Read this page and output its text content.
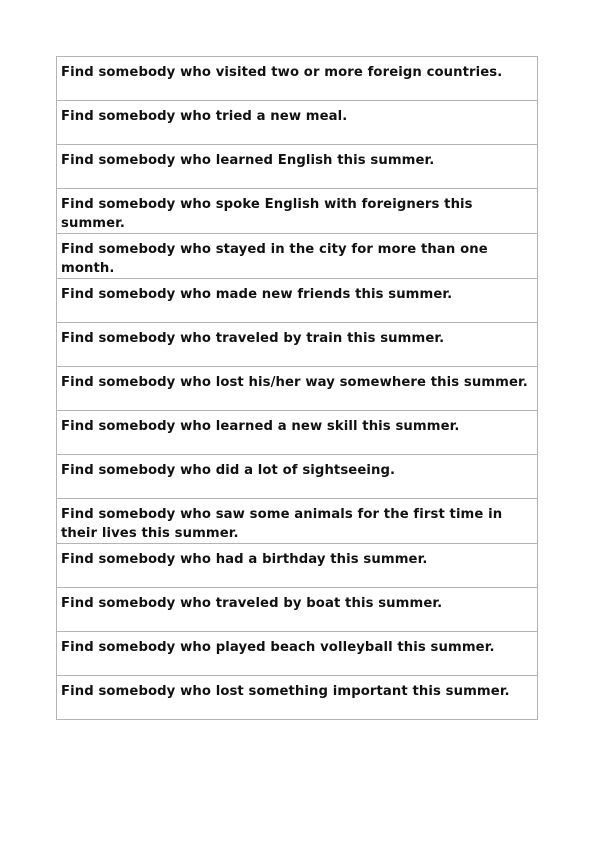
Find somebody who visited two or more foreign countries.
Find somebody who tried a new meal.
Find somebody who learned English this summer.
Find somebody who spoke English with foreigners this summer.
Find somebody who stayed in the city for more than one month.
Find somebody who made new friends this summer.
Find somebody who traveled by train this summer.
Find somebody who lost his/her way somewhere this summer.
Find somebody who learned a new skill this summer.
Find somebody who did a lot of sightseeing.
Find somebody who saw some animals for the first time in their lives this summer.
Find somebody who had a birthday this summer.
Find somebody who traveled by boat this summer.
Find somebody who played beach volleyball this summer.
Find somebody who lost something important this summer.
